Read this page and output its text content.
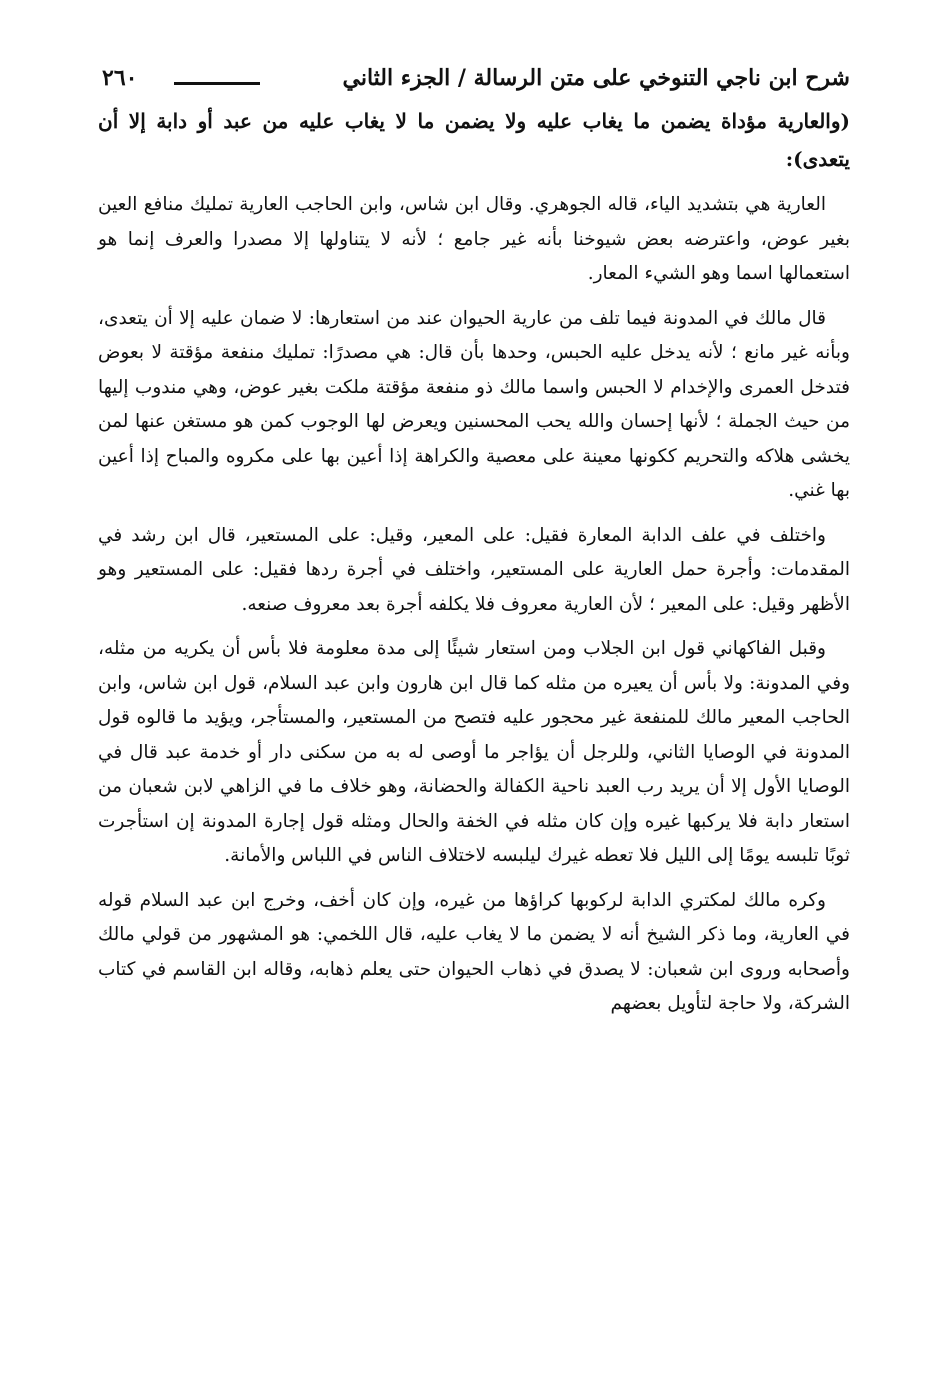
شرح ابن ناجي التنوخي على متن الرسالة / الجزء الثاني
٢٦٠

(والعارية مؤداة يضمن ما يغاب عليه ولا يضمن ما لا يغاب عليه من عبد أو دابة إلا أن يتعدى):

العارية هي بتشديد الياء، قاله الجوهري. وقال ابن شاس، وابن الحاجب العارية تمليك منافع العين بغير عوض، واعترضه بعض شيوخنا بأنه غير جامع ؛ لأنه لا يتناولها إلا مصدرا والعرف إنما هو استعمالها اسما وهو الشيء المعار.

قال مالك في المدونة فيما تلف من عارية الحيوان عند من استعارها: لا ضمان عليه إلا أن يتعدى، وبأنه غير مانع ؛ لأنه يدخل عليه الحبس، وحدها بأن قال: هي مصدرًا: تمليك منفعة مؤقتة لا بعوض فتدخل العمرى والإخدام لا الحبس واسما مالك ذو منفعة مؤقتة ملكت بغير عوض، وهي مندوب إليها من حيث الجملة ؛ لأنها إحسان والله يحب المحسنين ويعرض لها الوجوب كمن هو مستغن عنها لمن يخشى هلاكه والتحريم ككونها معينة على معصية والكراهة إذا أعين بها على مكروه والمباح إذا أعين بها غني.

واختلف في علف الدابة المعارة فقيل: على المعير، وقيل: على المستعير، قال ابن رشد في المقدمات: وأجرة حمل العارية على المستعير، واختلف في أجرة ردها فقيل: على المستعير وهو الأظهر وقيل: على المعير ؛ لأن العارية معروف فلا يكلفه أجرة بعد معروف صنعه.

وقبل الفاكهاني قول ابن الجلاب ومن استعار شيئًا إلى مدة معلومة فلا بأس أن يكريه من مثله، وفي المدونة: ولا بأس أن يعيره من مثله كما قال ابن هارون وابن عبد السلام، قول ابن شاس، وابن الحاجب المعير مالك للمنفعة غير محجور عليه فتصح من المستعير، والمستأجر، ويؤيد ما قالوه قول المدونة في الوصايا الثاني، وللرجل أن يؤاجر ما أوصى له به من سكنى دار أو خدمة عبد قال في الوصايا الأول إلا أن يريد رب العبد ناحية الكفالة والحضانة، وهو خلاف ما في الزاهي لابن شعبان من استعار دابة فلا يركبها غيره وإن كان مثله في الخفة والحال ومثله قول إجارة المدونة إن استأجرت ثوبًا تلبسه يومًا إلى الليل فلا تعطه غيرك ليلبسه لاختلاف الناس في اللباس والأمانة.

وكره مالك لمكتري الدابة لركوبها كراؤها من غيره، وإن كان أخف، وخرج ابن عبد السلام قوله في العارية، وما ذكر الشيخ أنه لا يضمن ما لا يغاب عليه، قال اللخمي: هو المشهور من قولي مالك وأصحابه وروى ابن شعبان: لا يصدق في ذهاب الحيوان حتى يعلم ذهابه، وقاله ابن القاسم في كتاب الشركة، ولا حاجة لتأويل بعضهم
